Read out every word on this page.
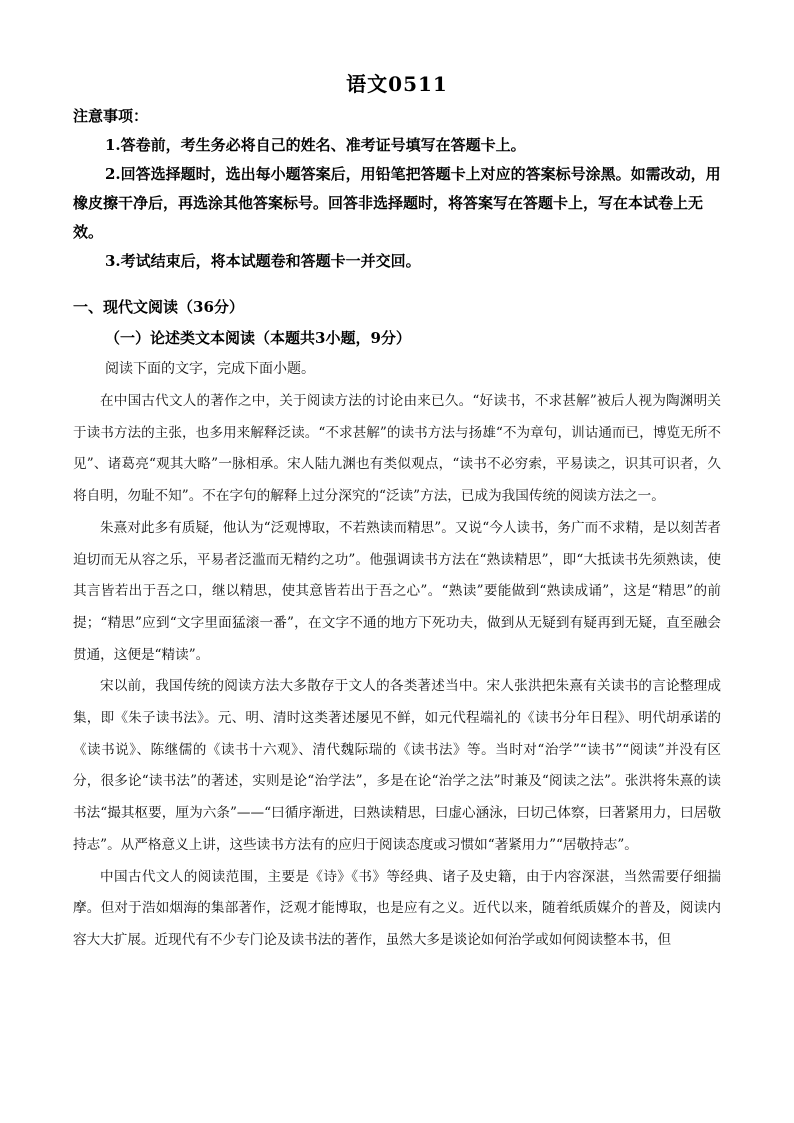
语文0511

注意事项：

1.答卷前，考生务必将自己的姓名、准考证号填写在答题卡上。

2.回答选择题时，选出每小题答案后，用铅笔把答题卡上对应的答案标号涂黑。如需改动，用橡皮擦干净后，再选涂其他答案标号。回答非选择题时，将答案写在答题卡上，写在本试卷上无效。

3.考试结束后，将本试题卷和答题卡一并交回。

一、现代文阅读（36分）
（一）论述类文本阅读（本题共3小题，9分）
阅读下面的文字，完成下面小题。

在中国古代文人的著作之中，关于阅读方法的讨论由来已久。“好读书，不求甚解”被后人视为陶渊明关于读书方法的主张，也多用来解释泛读。“不求甚解”的读书方法与扬雄“不为章句，训诂通而已，博览无所不见”、诸葛亮“观其大略”一脉相承。宋人陆九渊也有类似观点，“读书不必穷索，平易读之，识其可识者，久将自明，勿耻不知”。不在字句的解释上过分深究的“泛读”方法，已成为我国传统的阅读方法之一。

朱熹对此多有质疑，他认为“泛观博取，不若熟读而精思”。又说“今人读书，务广而不求精，是以刻苦者迫切而无从容之乐，平易者泛滥而无精约之功”。他强调读书方法在“熟读精思”，即“大抵读书先须熟读，使其言皆若出于吾之口，继以精思，使其意皆若出于吾之心”。“熟读”要能做到“熟读成诵”，这是“精思”的前提；“精思”应到“文字里面猛滚一番”，在文字不通的地方下死功夫，做到从无疑到有疑再到无疑，直至融会贯通，这便是“精读”。

宋以前，我国传统的阅读方法大多散存于文人的各类著述当中。宋人张洪把朱熹有关读书的言论整理成集，即《朱子读书法》。元、明、清时这类著述屡见不鲜，如元代程端礼的《读书分年日程》、明代胡承诺的《读书说》、陈继儒的《读书十六观》、清代魏际瑞的《读书法》等。当时对“治学”“读书”“阅读”并没有区分，很多论“读书法”的著述，实则是论“治学法”，多是在论“治学之法”时兼及“阅读之法”。张洪将朱熹的读书法“撮其枢要，厘为六条”——“曰循序渐进，曰熟读精思，曰虚心涵泳，曰切己体察，曰著紧用力，曰居敬持志”。从严格意义上讲，这些读书方法有的应归于阅读态度或习惯如“著紧用力”“居敬持志”。

中国古代文人的阅读范围，主要是《诗》《书》等经典、诸子及史籍，由于内容深湛，当然需要仔细揣摩。但对于浩如烟海的集部著作，泛观才能博取，也是应有之义。近代以来，随着纸质媒介的普及，阅读内容大大扩展。近现代有不少专门论及读书法的著作，虽然大多是谈论如何治学或如何阅读整本书，但
